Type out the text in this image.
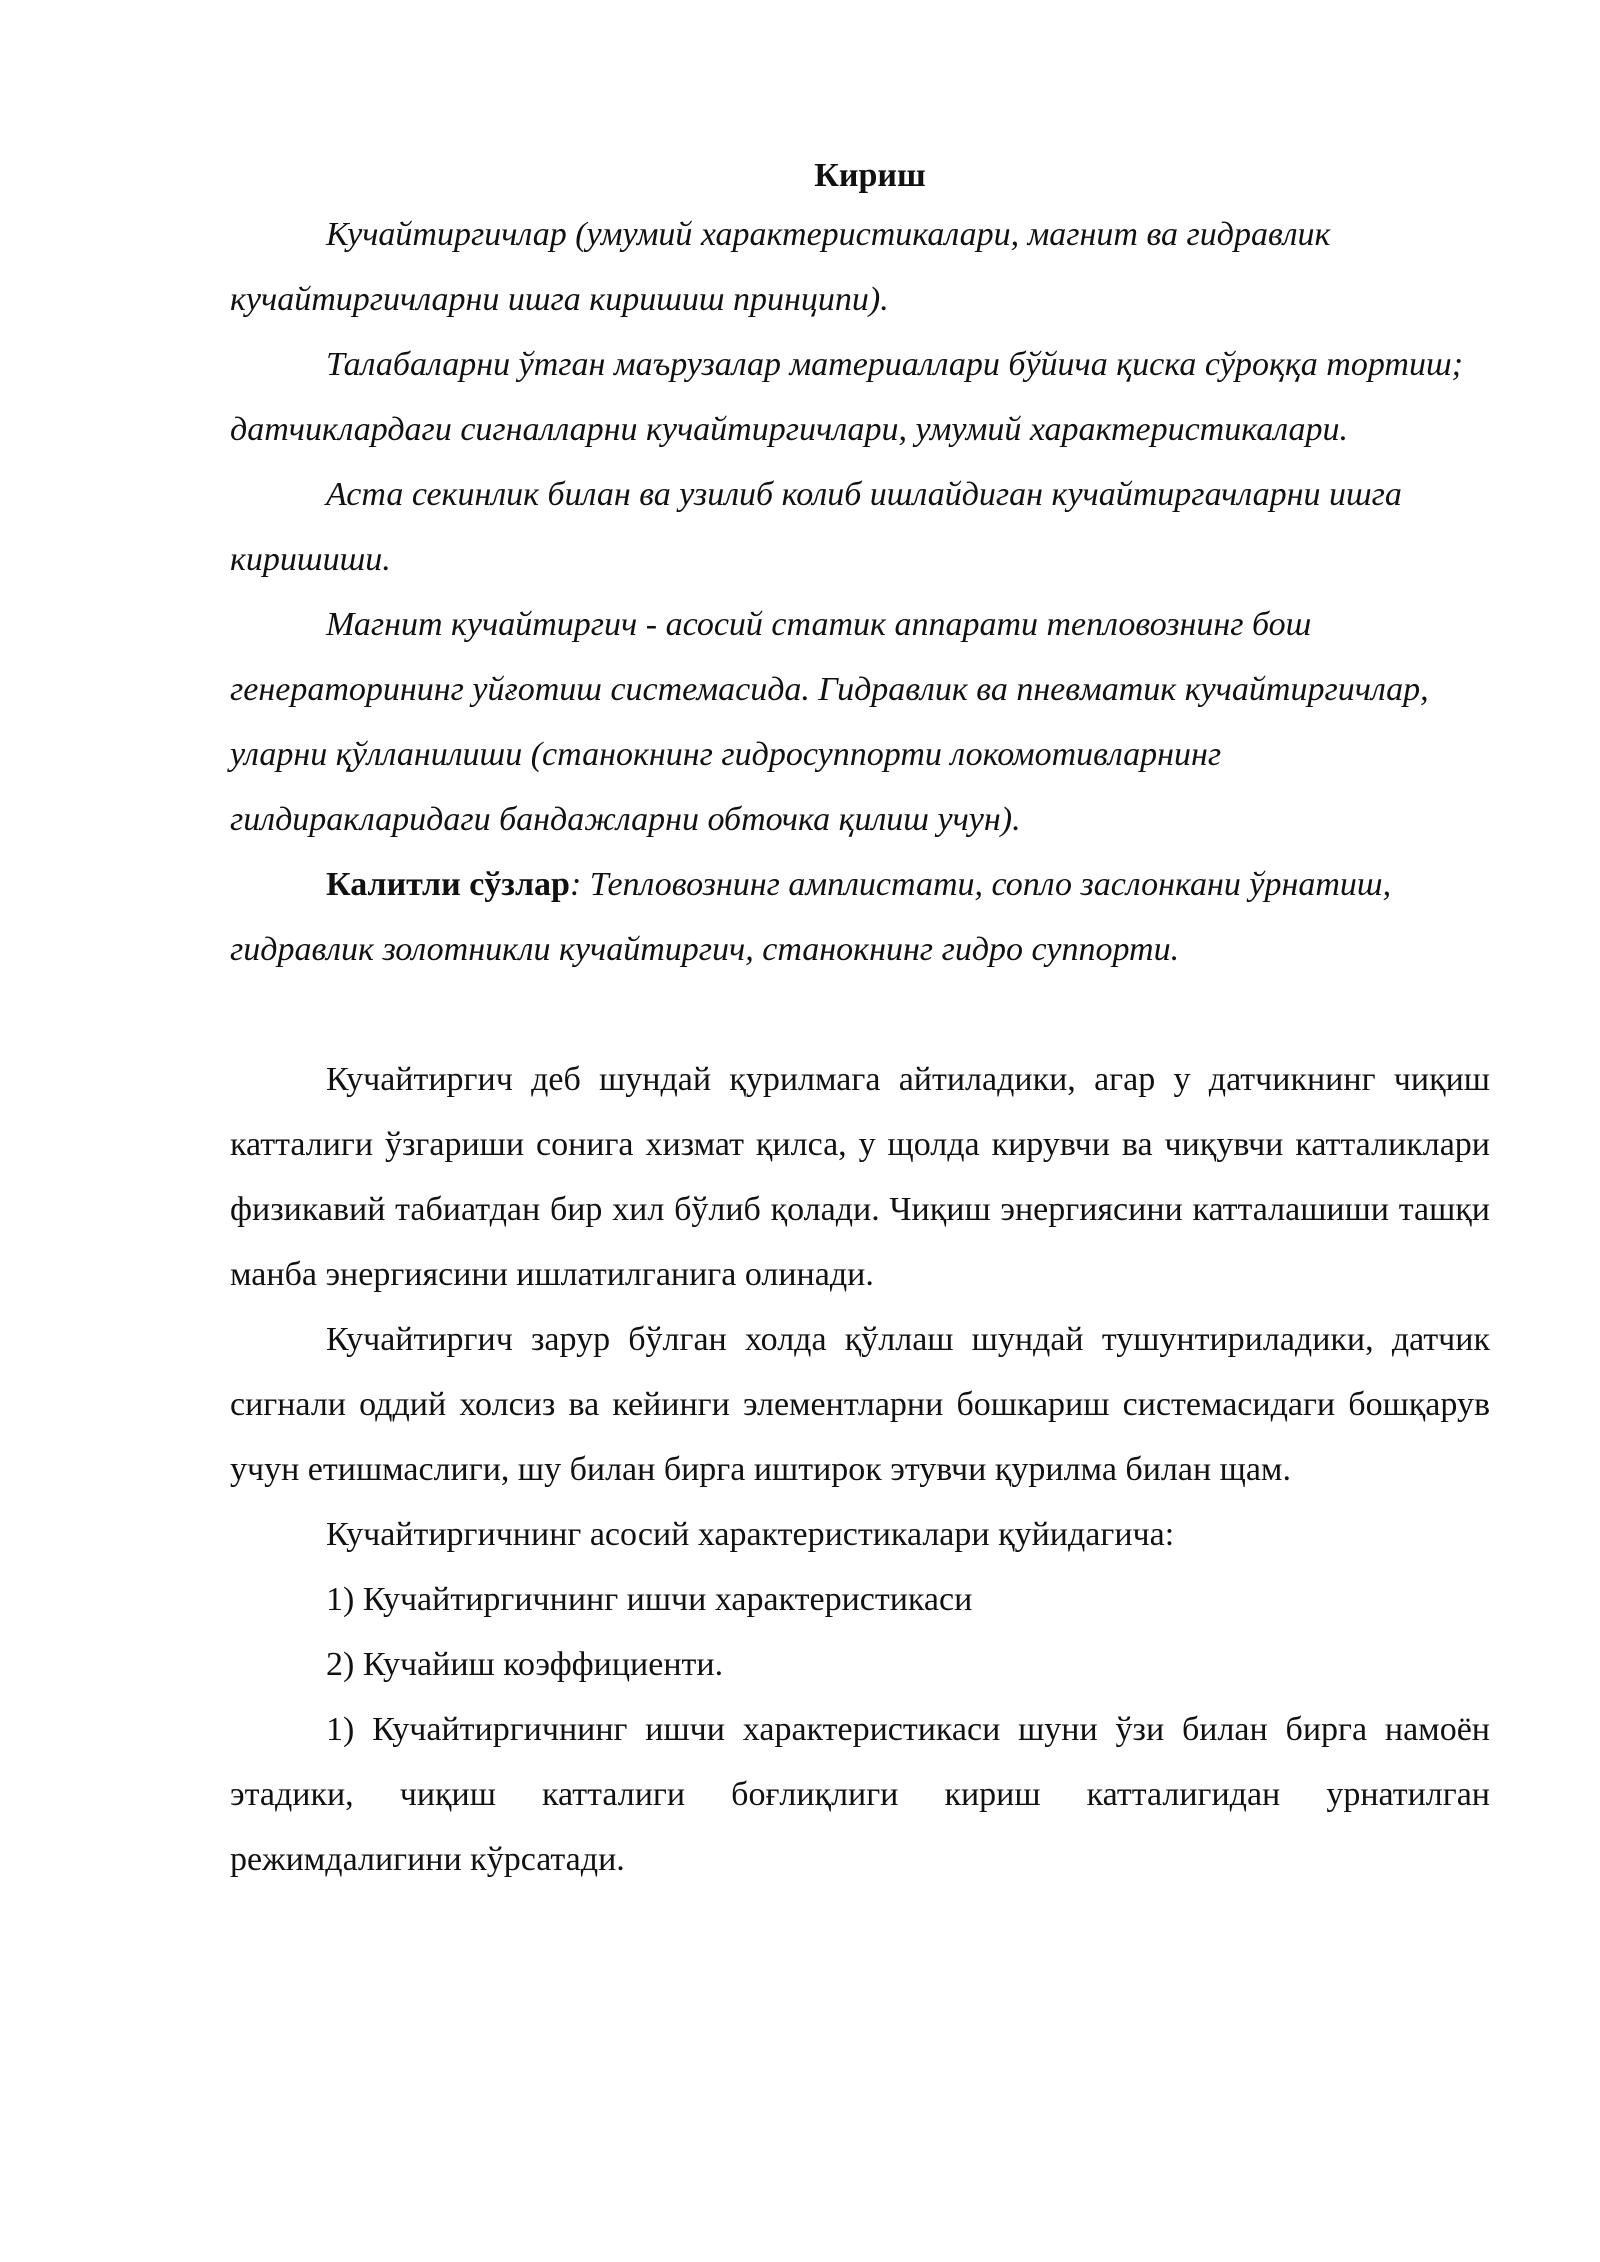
Кириш

Кучайтиргичлар (умумий характеристикалари, магнит ва гидравлик кучайтиргичларни ишга киришиш принципи).

Талабаларни ўтган маърузалар материаллари бўйича қиска сўроққа тортиш; датчиклардаги сигналларни кучайтиргичлари, умумий характеристикалари.

Аста секинлик билан ва узилиб колиб ишлайдиган кучайтиргачларни ишга киришиши.

Магнит кучайтиргич - асосий статик аппарати тепловознинг бош генераторининг уйғотиш системасида. Гидравлик ва пневматик кучайтиргичлар, уларни қўлланилиши (станокнинг гидросуппорти локомотивларнинг гилдиракларидаги бандажларни обточка қилиш учун).

Калитли сўзлар: Тепловознинг амплистати, сопло заслонкани ўрнатиш, гидравлик золотникли кучайтиргич, станокнинг гидро суппорти.

Кучайтиргич деб шундай қурилмага айтиладики, агар у датчикнинг чиқиш катталиги ўзгариши сонига хизмат қилса, у щолда кирувчи ва чиқувчи катталиклари физикавий табиатдан бир хил бўлиб қолади. Чиқиш энергиясини катталашиши ташқи манба энергиясини ишлатилганига олинади.

Кучайтиргич зарур бўлган холда қўллаш шундай тушунтириладики, датчик сигнали оддий холсиз ва кейинги элементларни бошкариш системасидаги бошқарув учун етишмаслиги, шу билан бирга иштирок этувчи қурилма билан щам.

Кучайтиргичнинг асосий характеристикалари қуйидагича:

1) Кучайтиргичнинг ишчи характеристикаси

2) Кучайиш коэффициенти.

1) Кучайтиргичнинг ишчи характеристикаси шуни ўзи билан бирга намоён этадики, чиқиш катталиги боғлиқлиги кириш катталигидан урнатилган режимдалигини кўрсатади.
